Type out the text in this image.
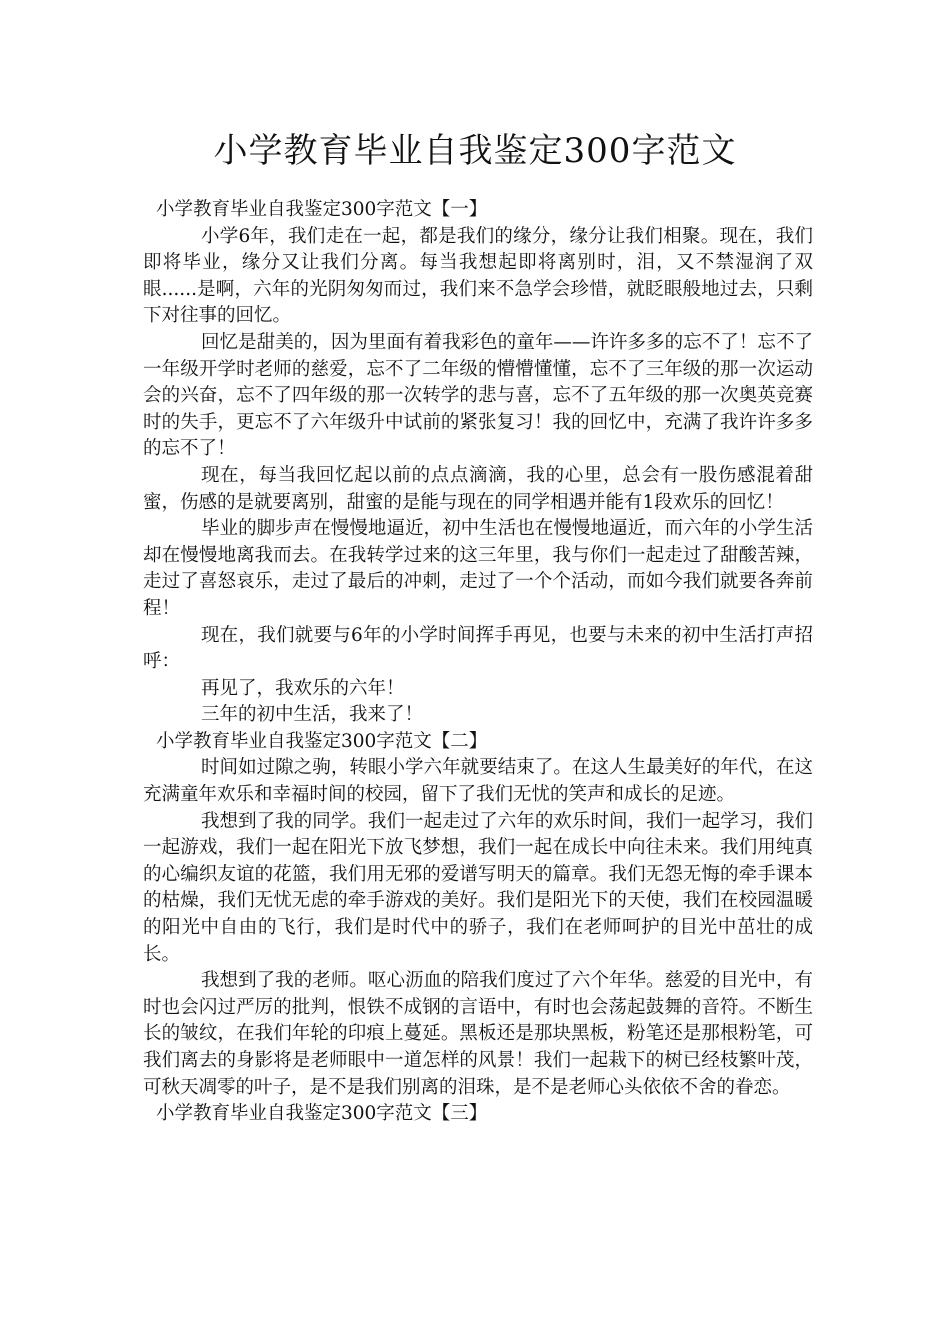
小学教育毕业自我鉴定300字范文

小学教育毕业自我鉴定300字范文【一】

小学6年，我们走在一起，都是我们的缘分，缘分让我们相聚。现在，我们即将毕业，缘分又让我们分离。每当我想起即将离别时，泪，又不禁湿润了双眼......是啊，六年的光阴匆匆而过，我们来不急学会珍惜，就眨眼般地过去，只剩下对往事的回忆。

回忆是甜美的，因为里面有着我彩色的童年——许许多多的忘不了！忘不了一年级开学时老师的慈爱，忘不了二年级的懵懵懂懂，忘不了三年级的那一次运动会的兴奋，忘不了四年级的那一次转学的悲与喜，忘不了五年级的那一次奥英竞赛时的失手，更忘不了六年级升中试前的紧张复习！我的回忆中，充满了我许许多多的忘不了！

现在，每当我回忆起以前的点点滴滴，我的心里，总会有一股伤感混着甜蜜，伤感的是就要离别，甜蜜的是能与现在的同学相遇并能有1段欢乐的回忆！

毕业的脚步声在慢慢地逼近，初中生活也在慢慢地逼近，而六年的小学生活却在慢慢地离我而去。在我转学过来的这三年里，我与你们一起走过了甜酸苦辣，走过了喜怒哀乐，走过了最后的冲刺，走过了一个个活动，而如今我们就要各奔前程！

现在，我们就要与6年的小学时间挥手再见，也要与未来的初中生活打声招呼：

再见了，我欢乐的六年！

三年的初中生活，我来了！

小学教育毕业自我鉴定300字范文【二】

时间如过隙之驹，转眼小学六年就要结束了。在这人生最美好的年代，在这充满童年欢乐和幸福时间的校园，留下了我们无忧的笑声和成长的足迹。

我想到了我的同学。我们一起走过了六年的欢乐时间，我们一起学习，我们一起游戏，我们一起在阳光下放飞梦想，我们一起在成长中向往未来。我们用纯真的心编织友谊的花篮，我们用无邪的爱谱写明天的篇章。我们无怨无悔的牵手课本的枯燥，我们无忧无虑的牵手游戏的美好。我们是阳光下的天使，我们在校园温暖的阳光中自由的飞行，我们是时代中的骄子，我们在老师呵护的目光中茁壮的成长。

我想到了我的老师。呕心沥血的陪我们度过了六个年华。慈爱的目光中，有时也会闪过严厉的批判，恨铁不成钢的言语中，有时也会荡起鼓舞的音符。不断生长的皱纹，在我们年轮的印痕上蔓延。黑板还是那块黑板，粉笔还是那根粉笔，可我们离去的身影将是老师眼中一道怎样的风景！我们一起栽下的树已经枝繁叶茂，可秋天凋零的叶子，是不是我们别离的泪珠，是不是老师心头依依不舍的眷恋。

小学教育毕业自我鉴定300字范文【三】
